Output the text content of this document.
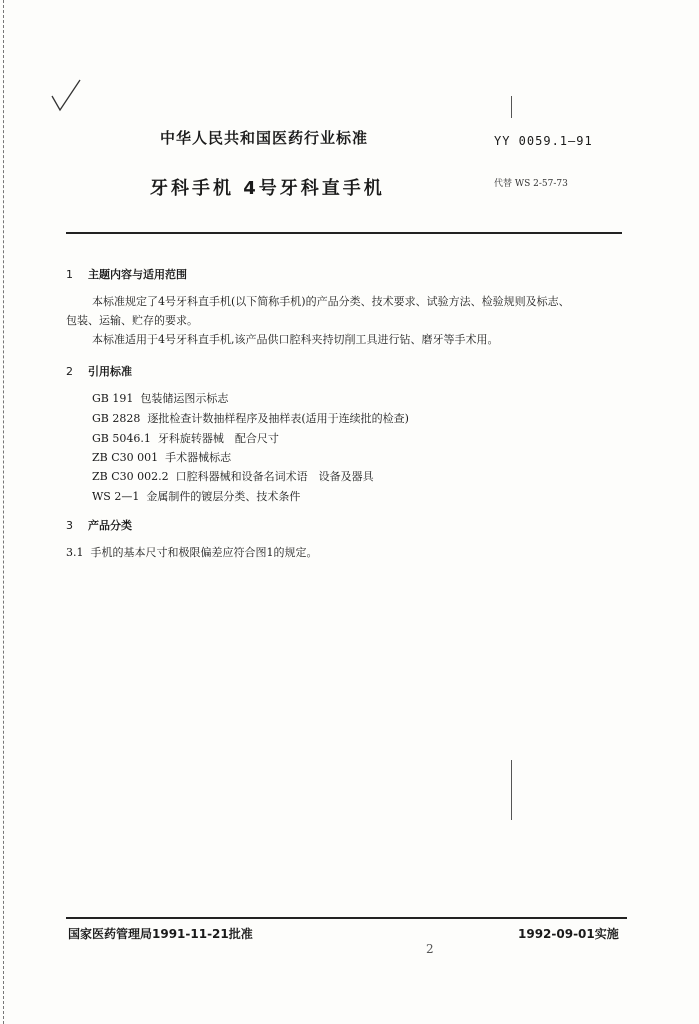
中华人民共和国医药行业标准	YY 0059.1—91
牙科手机 4号牙科直手机	代替 WS 2-57-73
1 主题内容与适用范围
本标准规定了4号牙科直手机(以下简称手机)的产品分类、技术要求、试验方法、检验规则及标志、
包装、运输、贮存的要求。
本标准适用于4号牙科直手机,该产品供口腔科夹持切削工具进行钻、磨牙等手术用。
2 引用标准
GB 191 包装储运图示标志
GB 2828 逐批检查计数抽样程序及抽样表(适用于连续批的检查)
GB 5046.1 牙科旋转器械　配合尺寸
ZB C30 001 手术器械标志
ZB C30 002.2 口腔科器械和设备名词术语　设备及器具
WS 2—1 金属制件的镀层分类、技术条件
3 产品分类
3.1 手机的基本尺寸和极限偏差应符合图1的规定。
国家医药管理局1991-11-21批准	1992-09-01实施
2
